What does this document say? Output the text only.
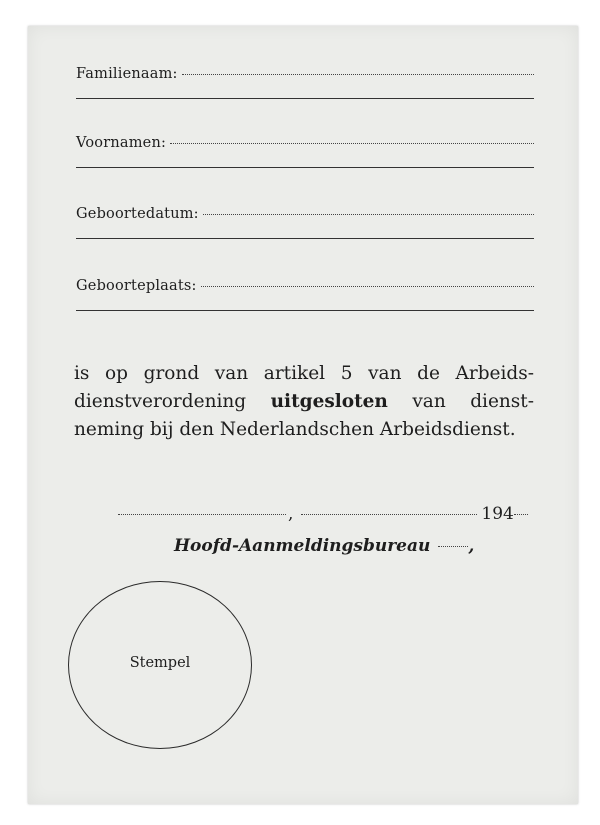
Familienaam:
Voornamen:
Geboortedatum:
Geboorteplaats:
is op grond van artikel 5 van de Arbeids-
dienstverordening uitgesloten van dienst-
neming bij den Nederlandschen Arbeidsdienst.
,	194
Hoofd-Aanmeldingsbureau ,
Stempel
